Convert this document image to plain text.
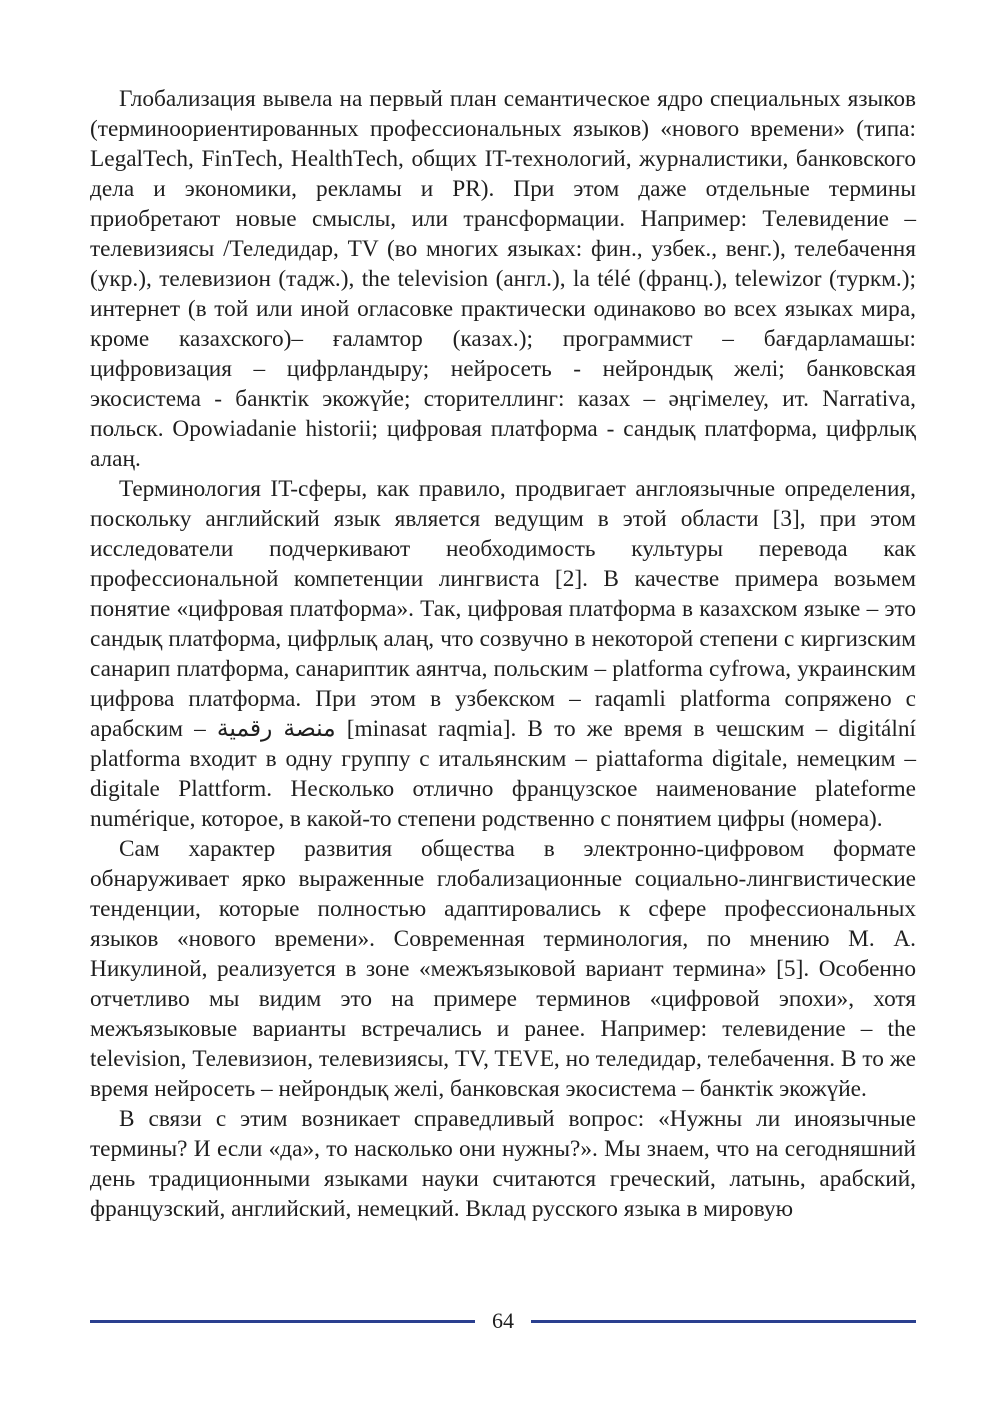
Глобализация вывела на первый план семантическое ядро специальных языков (терминоориентированных профессиональных языков) «нового времени» (типа: LegalTech, FinTech, HealthTech, общих IT-технологий, журналистики, банковского дела и экономики, рекламы и PR). При этом даже отдельные термины приобретают новые смыслы, или трансформации. Например: Телевидение – телевизиясы /Теледидар, TV (во многих языках: фин., узбек., венг.), телебачення (укр.), телевизион (тадж.), the television (англ.), la télé (франц.), telewizor (туркм.); интернет (в той или иной огласовке практически одинаково во всех языках мира, кроме казахского)– ғаламтор (казах.); программист – бағдарламашы: цифровизация – цифрландыру; нейросеть - нейрондық желі; банковская экосистема - банктік экожүйе; сторителлинг: казах – әңгімелеу, ит. Narrativa, польск. Opowiadanie historii; цифровая платформа - сандық платформа, цифрлық алаң.

Терминология IT-сферы, как правило, продвигает англоязычные определения, поскольку английский язык является ведущим в этой области [3], при этом исследователи подчеркивают необходимость культуры перевода как профессиональной компетенции лингвиста [2]. В качестве примера возьмем понятие «цифровая платформа». Так, цифровая платформа в казахском языке – это сандық платформа, цифрлық алаң, что созвучно в некоторой степени с киргизским санарип платформа, санариптик аянтча, польским – platforma cyfrowa, украинским цифрова платформа. При этом в узбекском – raqamli platforma сопряжено с арабским – منصة رقمية [minasat raqmia]. В то же время в чешским – digitální platforma входит в одну группу с итальянским – piattaforma digitale, немецким – digitale Plattform. Несколько отлично французское наименование plateforme numérique, которое, в какой-то степени родственно с понятием цифры (номера).

Сам характер развития общества в электронно-цифровом формате обнаруживает ярко выраженные глобализационные социально-лингвистические тенденции, которые полностью адаптировались к сфере профессиональных языков «нового времени». Современная терминология, по мнению М. А. Никулиной, реализуется в зоне «межъязыковой вариант термина» [5]. Особенно отчетливо мы видим это на примере терминов «цифровой эпохи», хотя межъязыковые варианты встречались и ранее. Например: телевидение – the television, Телевизион, телевизиясы, TV, TEVE, но теледидар, телебачення. В то же время нейросеть – нейрондық желі, банковская экосистема – банктік экожүйе.

В связи с этим возникает справедливый вопрос: «Нужны ли иноязычные термины? И если «да», то насколько они нужны?». Мы знаем, что на сегодняшний день традиционными языками науки считаются греческий, латынь, арабский, французский, английский, немецкий. Вклад русского языка в мировую

64
